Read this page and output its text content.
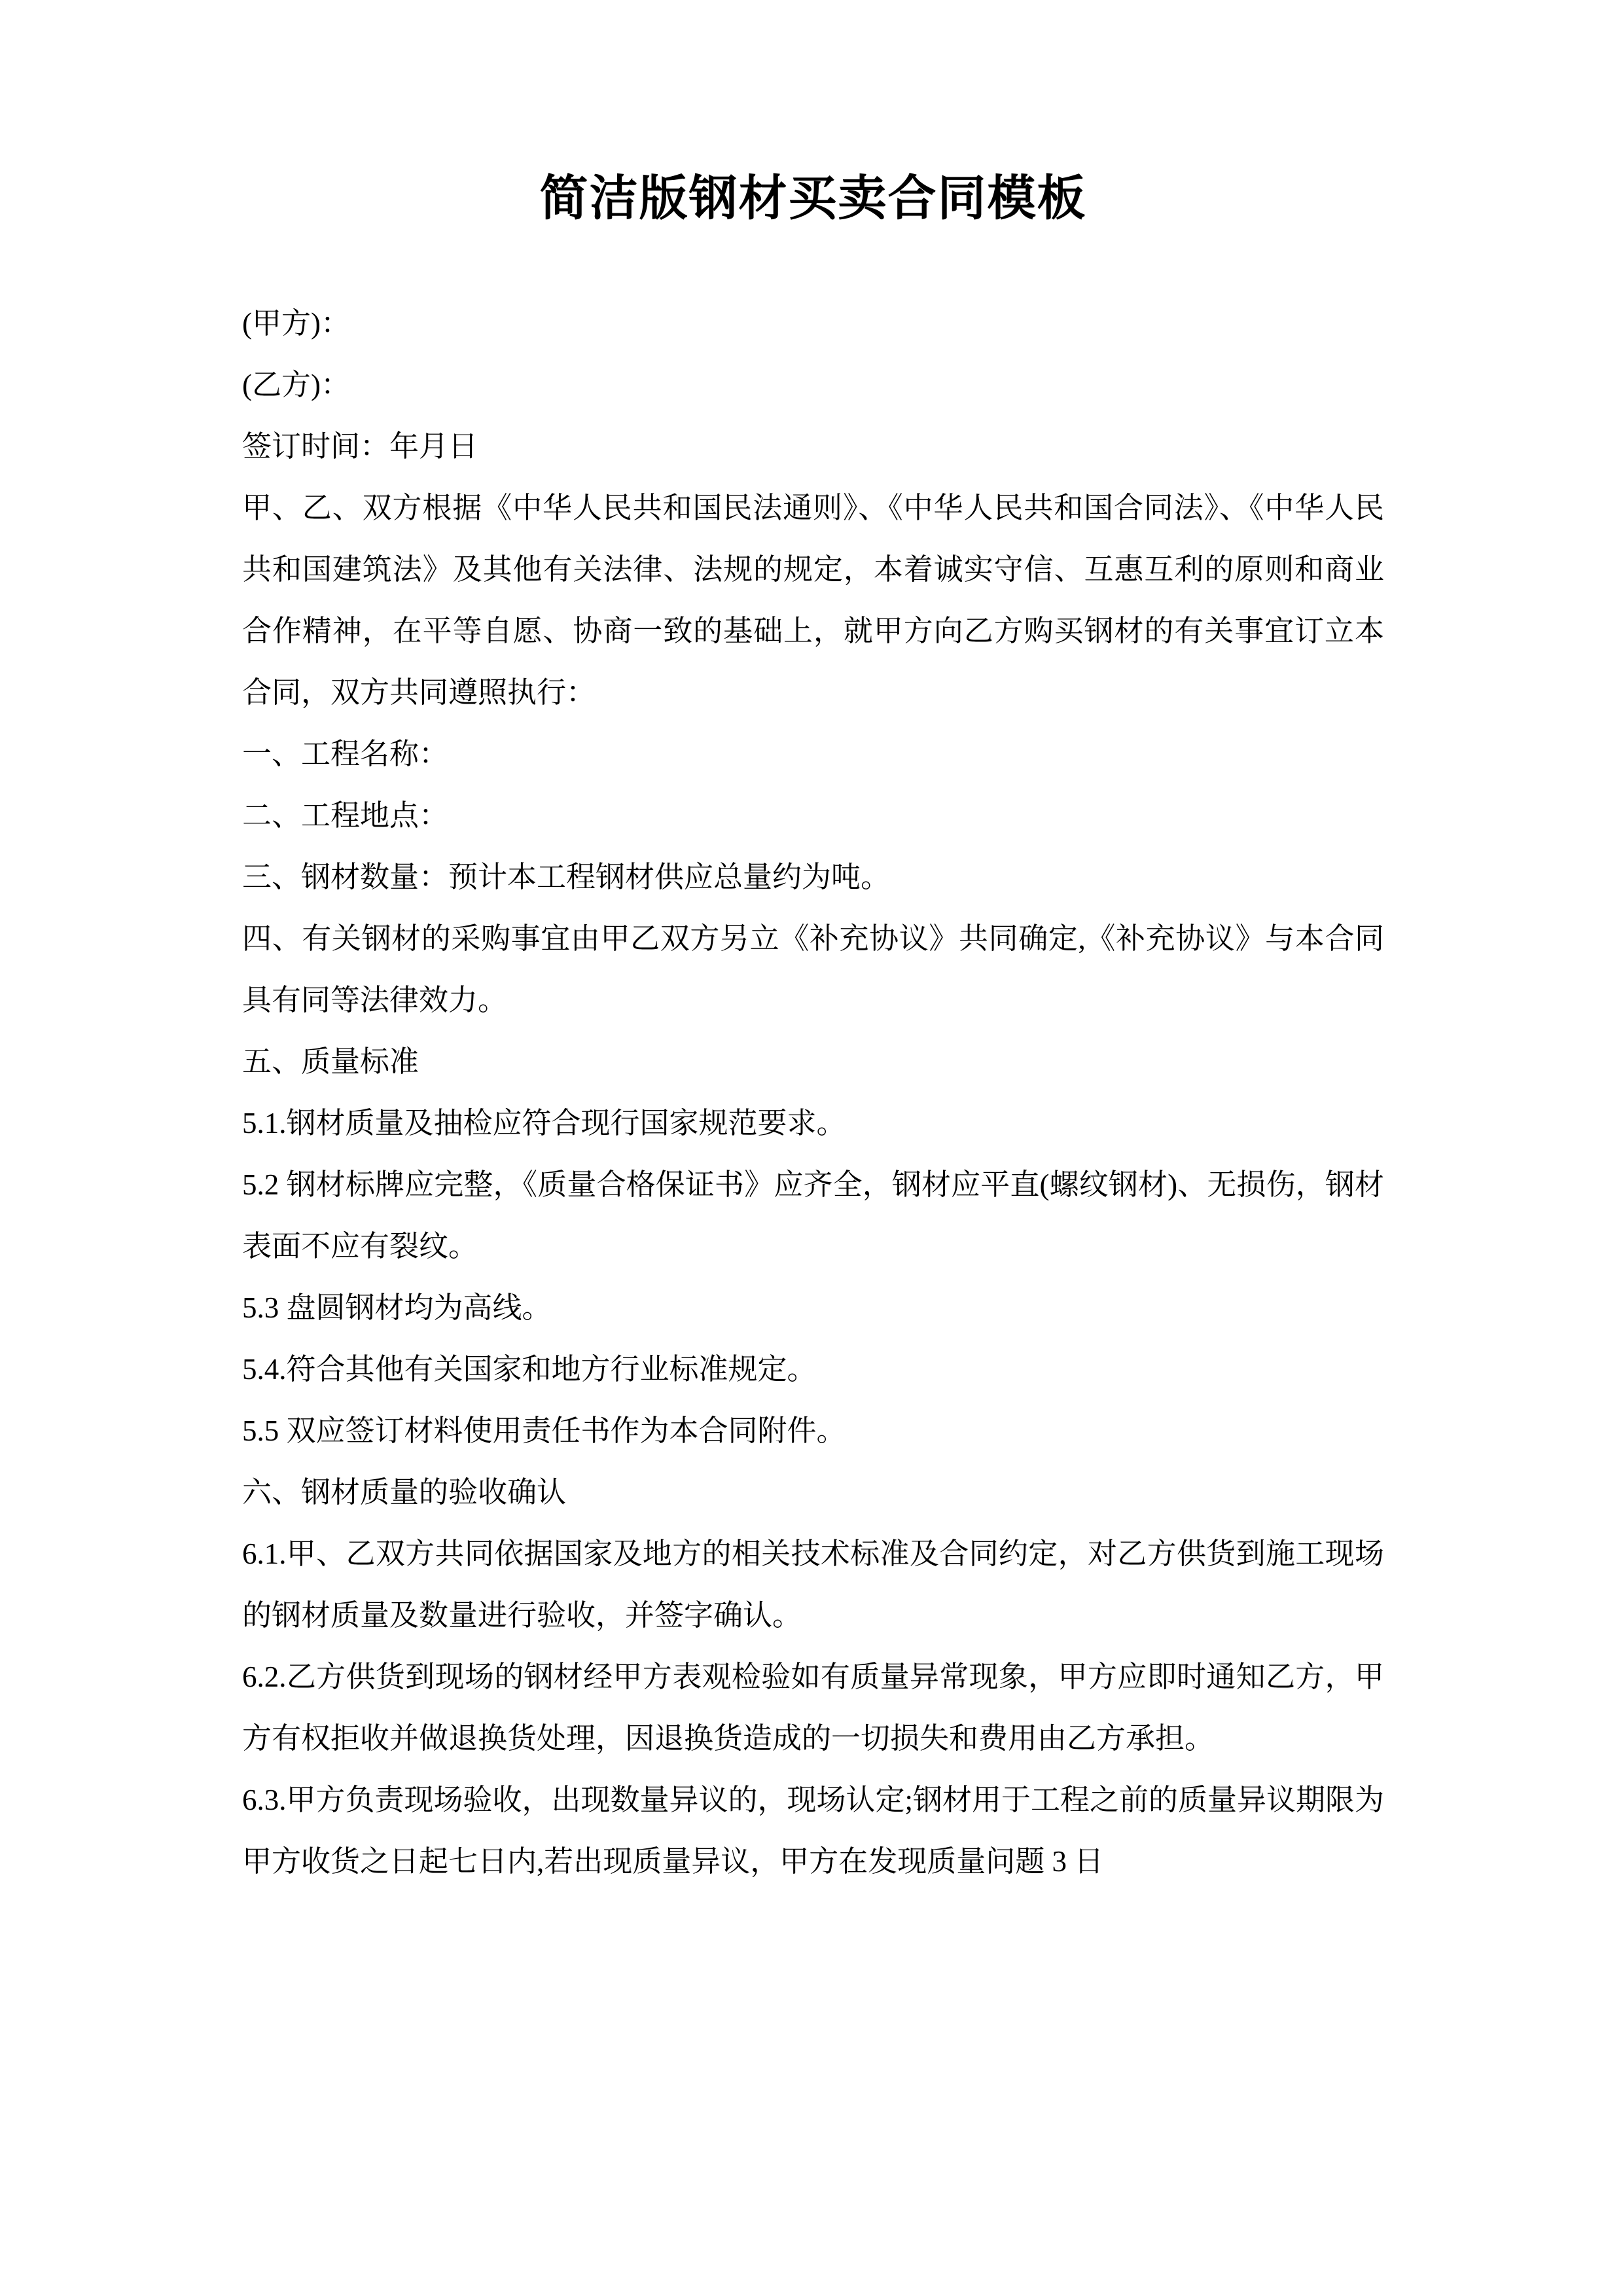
简洁版钢材买卖合同模板

(甲方)：

(乙方)：

签订时间：年月日

甲、乙、双方根据《中华人民共和国民法通则》、《中华人民共和国合同法》、《中华人民共和国建筑法》及其他有关法律、法规的规定，本着诚实守信、互惠互利的原则和商业合作精神，在平等自愿、协商一致的基础上，就甲方向乙方购买钢材的有关事宜订立本合同，双方共同遵照执行：

一、工程名称：

二、工程地点：

三、钢材数量：预计本工程钢材供应总量约为吨。

四、有关钢材的采购事宜由甲乙双方另立《补充协议》共同确定,《补充协议》与本合同具有同等法律效力。

五、质量标准

5.1.钢材质量及抽检应符合现行国家规范要求。

5.2 钢材标牌应完整，《质量合格保证书》应齐全，钢材应平直(螺纹钢材)、无损伤，钢材表面不应有裂纹。

5.3 盘圆钢材均为高线。

5.4.符合其他有关国家和地方行业标准规定。

5.5 双应签订材料使用责任书作为本合同附件。

六、钢材质量的验收确认

6.1.甲、乙双方共同依据国家及地方的相关技术标准及合同约定，对乙方供货到施工现场的钢材质量及数量进行验收，并签字确认。

6.2.乙方供货到现场的钢材经甲方表观检验如有质量异常现象，甲方应即时通知乙方，甲方有权拒收并做退换货处理，因退换货造成的一切损失和费用由乙方承担。

6.3.甲方负责现场验收，出现数量异议的，现场认定;钢材用于工程之前的质量异议期限为甲方收货之日起七日内,若出现质量异议，甲方在发现质量问题 3 日
